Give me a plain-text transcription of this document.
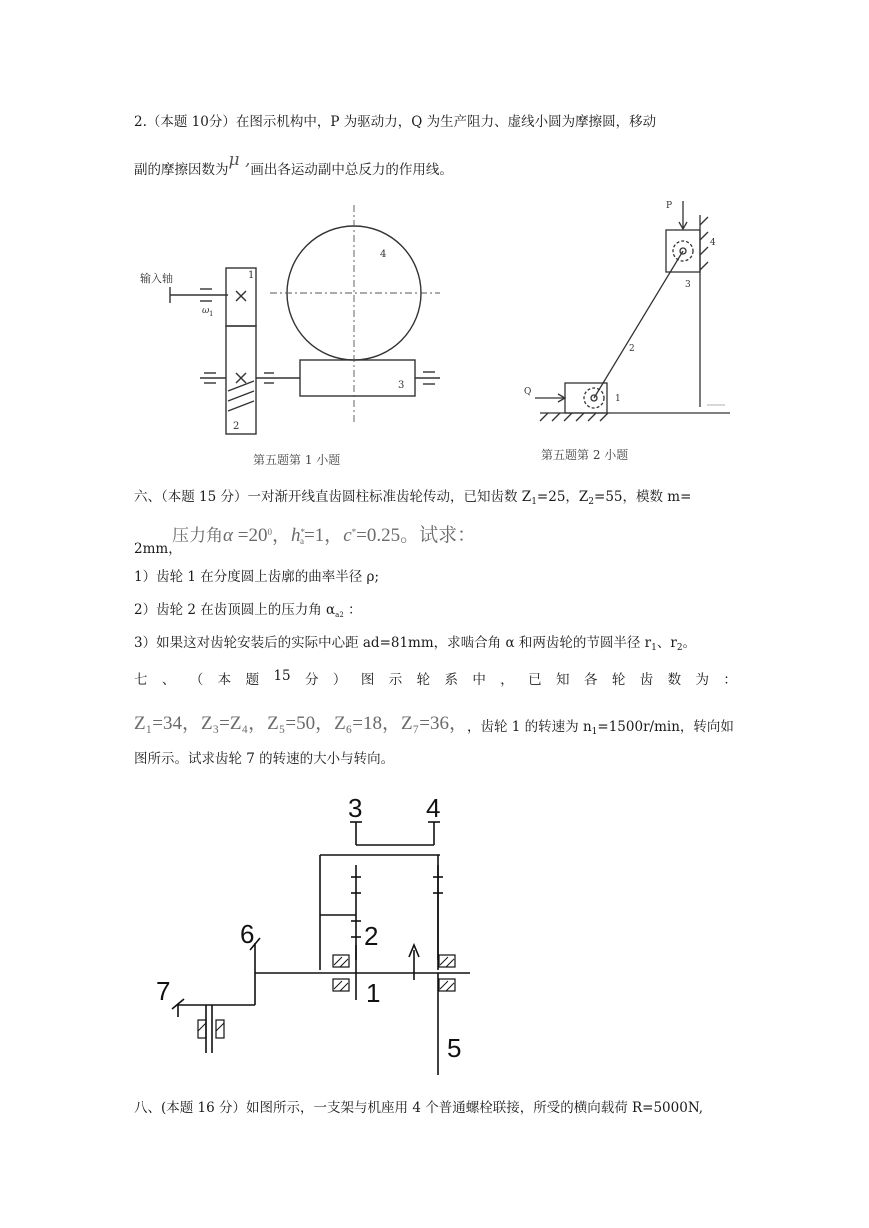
2.（本题 10分）在图示机构中，P 为驱动力，Q 为生产阻力、虚线小圆为摩擦圆，移动
副的摩擦因数为μ ,画出各运动副中总反力的作用线。
输入轴
ω 1
1
2
3
4
第五题第 1 小题
P
Q
1
2
3
4
第五题第 2 小题
六、（本题 15 分）一对渐开线直齿圆柱标准齿轮传动，已知齿数 $Z_1=25$，$Z_2=55$，模数 m=
压力角$\alpha =20^0$，$h^*_a=1$，c*=0.25。试求：
2mm，
1）齿轮 1 在分度圆上齿廓的曲率半径 ρ;
2）齿轮 2 在齿顶圆上的压力角 $\alpha_{a2}$ ：
3）如果这对齿轮安装后的实际中心距 ad=81mm，求啮合角 α 和两齿轮的节圆半径 $r_1$、$r_2$。
七 、 （ 本 题 15 分 ） 图 示 轮 系 中 ， 已 知 各 轮 齿 数 为 ：
Z₁=34，Z₃=Z₄，Z₅=50，Z₆=18，Z₇=36， ，齿轮 1 的转速为 $n_1=1500r/\min$，转向如
图所示。试求齿轮 7 的转速的大小与转向。
3 4
2
1
5
6
7
八、(本题 16 分）如图所示，一支架与机座用 4 个普通螺栓联接，所受的横向载荷 R=5000N,
